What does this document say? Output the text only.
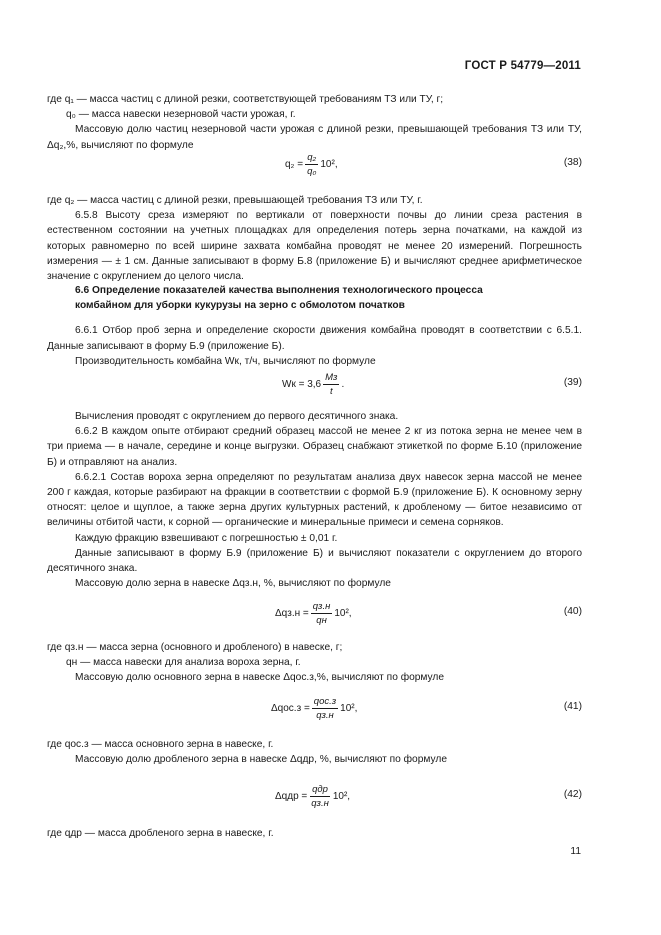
ГОСТ Р 54779—2011

где q₁ — масса частиц с длиной резки, соответствующей требованиям ТЗ или ТУ, г;

q₀ — масса навески незерновой части урожая, г.

Массовую долю частиц незерновой части урожая с длиной резки, превышающей требования ТЗ или ТУ, Δq₂,%, вычисляют по формуле

$q_2 = \frac{\text{q₂}}{\text{q₀}} 10^2$,	(38)

где q₂ — масса частиц с длиной резки, превышающей требования ТЗ или ТУ, г.

6.5.8 Высоту среза измеряют по вертикали от поверхности почвы до линии среза растения в естественном состоянии на учетных площадках для определения потерь зерна початками, на каждой из которых равномерно по всей ширине захвата комбайна проводят не менее 20 измерений. Погрешность измерения — ± 1 см. Данные записывают в форму Б.8 (приложение Б) и вычисляют среднее арифметическое значение с округлением до целого числа.

6.6 Определение показателей качества выполнения технологического процесса

комбайном для уборки кукурузы на зерно с обмолотом початков

6.6.1 Отбор проб зерна и определение скорости движения комбайна проводят в соответствии с 6.5.1. Данные записывают в форму Б.9 (приложение Б).

Производительность комбайна Wк, т/ч, вычисляют по формуле

Wк = $3,6 \frac{Mз}{t}$ .	(39)

Вычисления проводят с округлением до первого десятичного знака.

6.6.2 В каждом опыте отбирают средний образец массой не менее 2 кг из потока зерна не менее чем в три приема — в начале, середине и конце выгрузки. Образец снабжают этикеткой по форме Б.10 (приложение Б) и отправляют на анализ.

6.6.2.1 Состав вороха зерна определяют по результатам анализа двух навесок зерна массой не менее 200 г каждая, которые разбирают на фракции в соответствии с формой Б.9 (приложение Б). К основному зерну относят: целое и щуплое, а также зерна других культурных растений, к дробленому — битое независимо от величины отбитой части, к сорной — органические и минеральные примеси и семена сорняков.

Каждую фракцию взвешивают с погрешностью ± 0,01 г.

Данные записывают в форму Б.9 (приложение Б) и вычисляют показатели с округлением до второго десятичного знака.

Массовую долю зерна в навеске Δqз.н, %, вычисляют по формуле

$\Delta qз.н = \frac{qз.н}{qн} 10^2$,	(40)

где qз.н — масса зерна (основного и дробленого) в навеске, г;

qн — масса навески для анализа вороха зерна, г.

Массовую долю основного зерна в навеске Δqос.з,%, вычисляют по формуле

$\Delta qос.з = \frac{\text{qос.з}}{qз.н} 10^2$,	(41)

где qос.з — масса основного зерна в навеске, г.

Массовую долю дробленого зерна в навеске Δqдр, %, вычисляют по формуле

$\Delta qдр = \frac{\text{qдр}}{qз.н} 10^2$,	(42)

где qдр — масса дробленого зерна в навеске, г.

11
